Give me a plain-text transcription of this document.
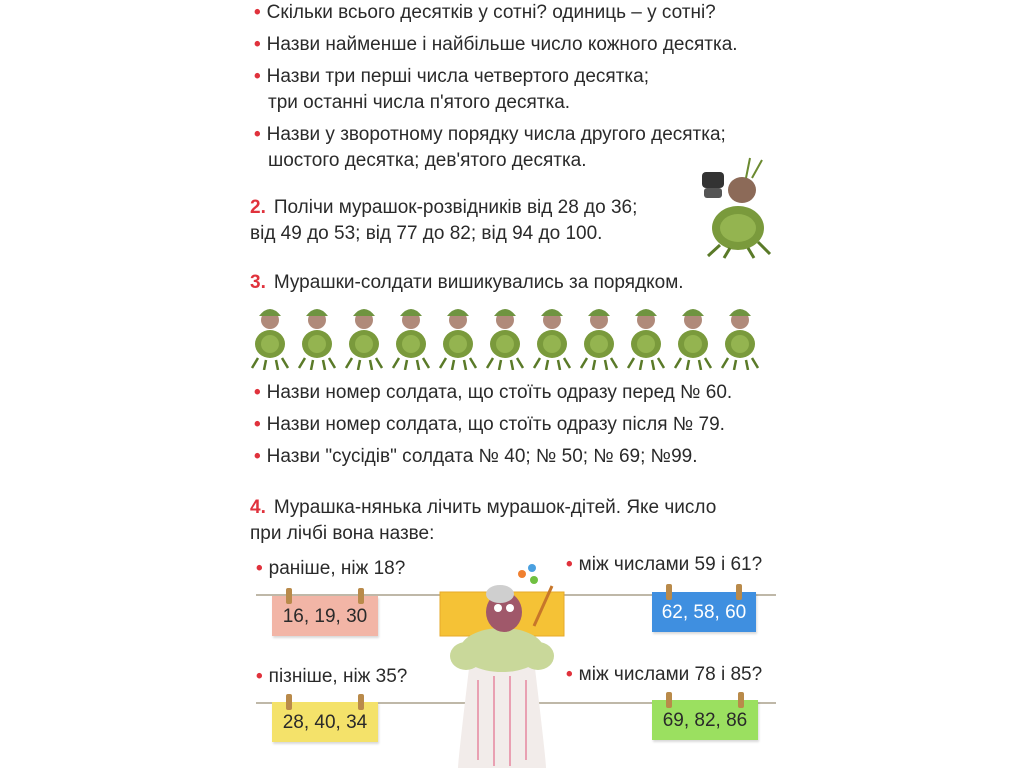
• Скільки всього десятків у сотні? одиниць – у сотні?
• Назви найменше і найбільше число кожного десятка.
• Назви три перші числа четвертого десятка;
три останні числа п'ятого десятка.
• Назви у зворотному порядку числа другого десятка;
шостого десятка; дев'ятого десятка.
2. Полічи мурашок-розвідників від 28 до 36;
від 49 до 53; від 77 до 82; від 94 до 100.
3. Мурашки-солдати вишикувались за порядком.
• Назви номер солдата, що стоїть одразу перед № 60.
• Назви номер солдата, що стоїть одразу після № 79.
• Назви "сусідів" солдата № 40; № 50; № 69; №99.
4. Мурашка-нянька лічить мурашок-дітей. Яке число
при лічбі вона назве:
• раніше, ніж 18?	• між числами 59 і 61?
• пізніше, ніж 35?	• між числами 78 і 85?
16, 19, 30	62, 58, 60
28, 40, 34	69, 82, 86
